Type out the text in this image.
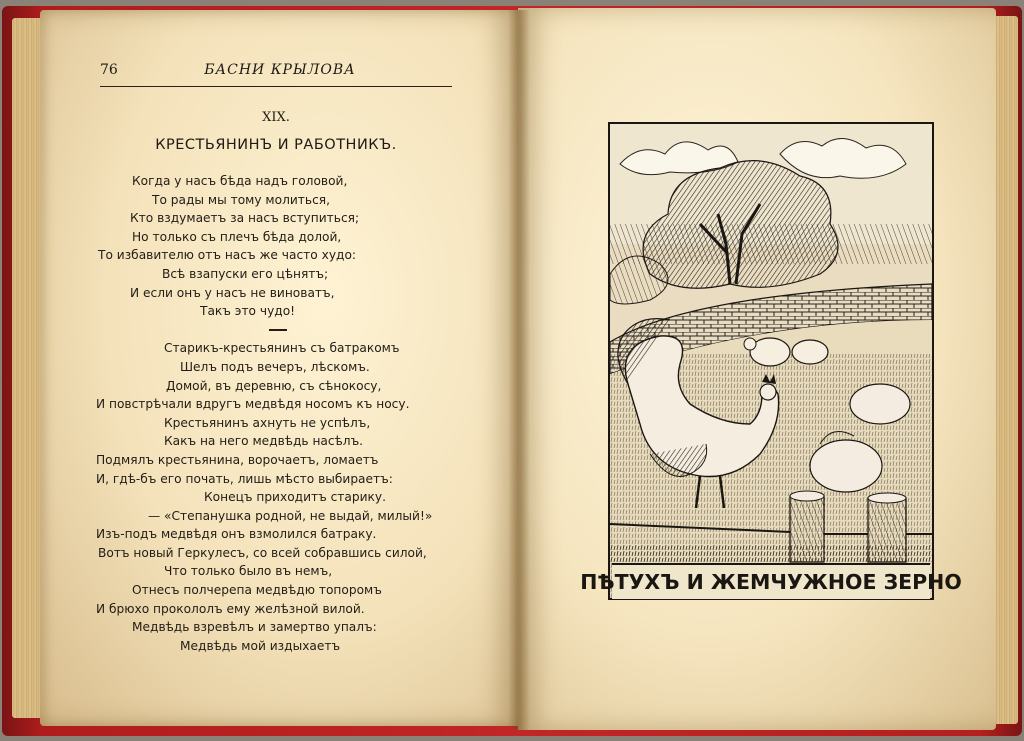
76	БАСНИ КРЫЛОВА
XIX.
КРЕСТЬЯНИНЪ И РАБОТНИКЪ.
Когда у насъ бѣда надъ головой,
То рады мы тому молиться,
Кто вздумаетъ за насъ вступиться;
Но только съ плечъ бѣда долой,
То избавителю отъ насъ же часто худо:
Всѣ взапуски его цѣнятъ;
И если онъ у насъ не виноватъ,
Такъ это чудо!
Старикъ-крестьянинъ съ батракомъ
Шелъ подъ вечеръ, лѣскомъ.
Домой, въ деревню, съ сѣнокосу,
И повстрѣчали вдругъ медвѣдя носомъ къ носу.
Крестьянинъ ахнуть не успѣлъ,
Какъ на него медвѣдь насѣлъ.
Подмялъ крестьянина, ворочаетъ, ломаетъ
И, гдѣ-бъ его почать, лишь мѣсто выбираетъ:
Конецъ приходитъ старику.
— «Степанушка родной, не выдай, милый!»
Изъ-подъ медвѣдя онъ взмолился батраку.
Вотъ новый Геркулесъ, со всей собравшись силой,
Что только было въ немъ,
Отнесъ полчерепа медвѣдю топоромъ
И брюхо прокололъ ему желѣзной вилой.
Медвѣдь взревѣлъ и замертво упалъ:
Медвѣдь мой издыхаетъ
ПѢТУХЪ И ЖЕМЧУЖНОЕ ЗЕРНО
